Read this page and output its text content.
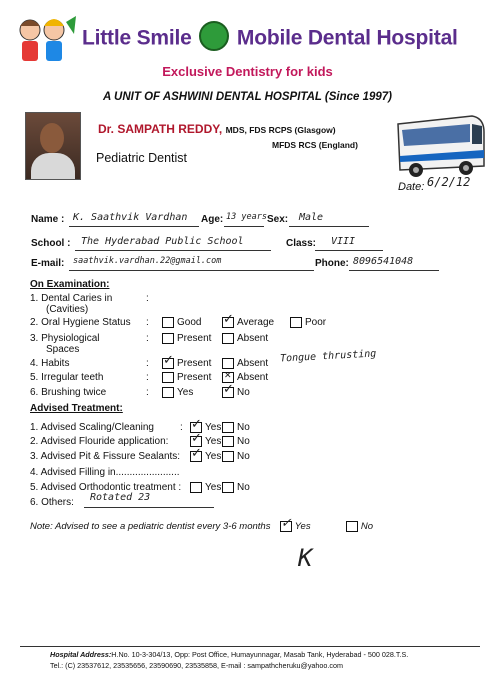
Little Smile Mobile Dental Hospital
Exclusive Dentistry for kids
A UNIT OF ASHWINI DENTAL HOSPITAL (Since 1997)
Dr. SAMPATH REDDY, MDS, FDS RCPS (Glasgow)
MFDS RCS (England)
Pediatric Dentist
Date: 6/2/12
Name : K. Saathvik Vardhan Age: 13 years Sex: Male
School : The Hyderabad Public School	Class: VIII
E-mail: saathvik.vardhan.22@gmail.com	Phone: 8096541048
On Examination:
1. Dental Caries in
(Cavities)
:
2. Oral Hygiene Status :	Good ✓	Average	Poor
3. Physiological
Spaces
:	Present	Absent
4. Habits	: ✓	Present	Absent Tongue thrusting
5. Irregular teeth	:	Present ✕	Absent
6. Brushing twice	:	Yes ✓	No
Advised Treatment:
1. Advised Scaling/Cleaning	: ✓	Yes	No
2. Advised Flouride application: ✓	Yes	No
3. Advised Pit & Fissure Sealants: ✓	Yes	No
4. Advised Filling in.......................
5. Advised Orthodontic treatment :	Yes	No
6. Others: Rotated 23
Note: Advised to see a pediatric dentist every 3-6 months ✓	Yes	No
K
Hospital Address:H.No. 10-3-304/13, Opp: Post Office, Humayunnagar, Masab Tank, Hyderabad - 500 028.T.S.
Tel.: (C) 23537612, 23535656, 23590690, 23535858, E-mail : sampathcheruku@yahoo.com
